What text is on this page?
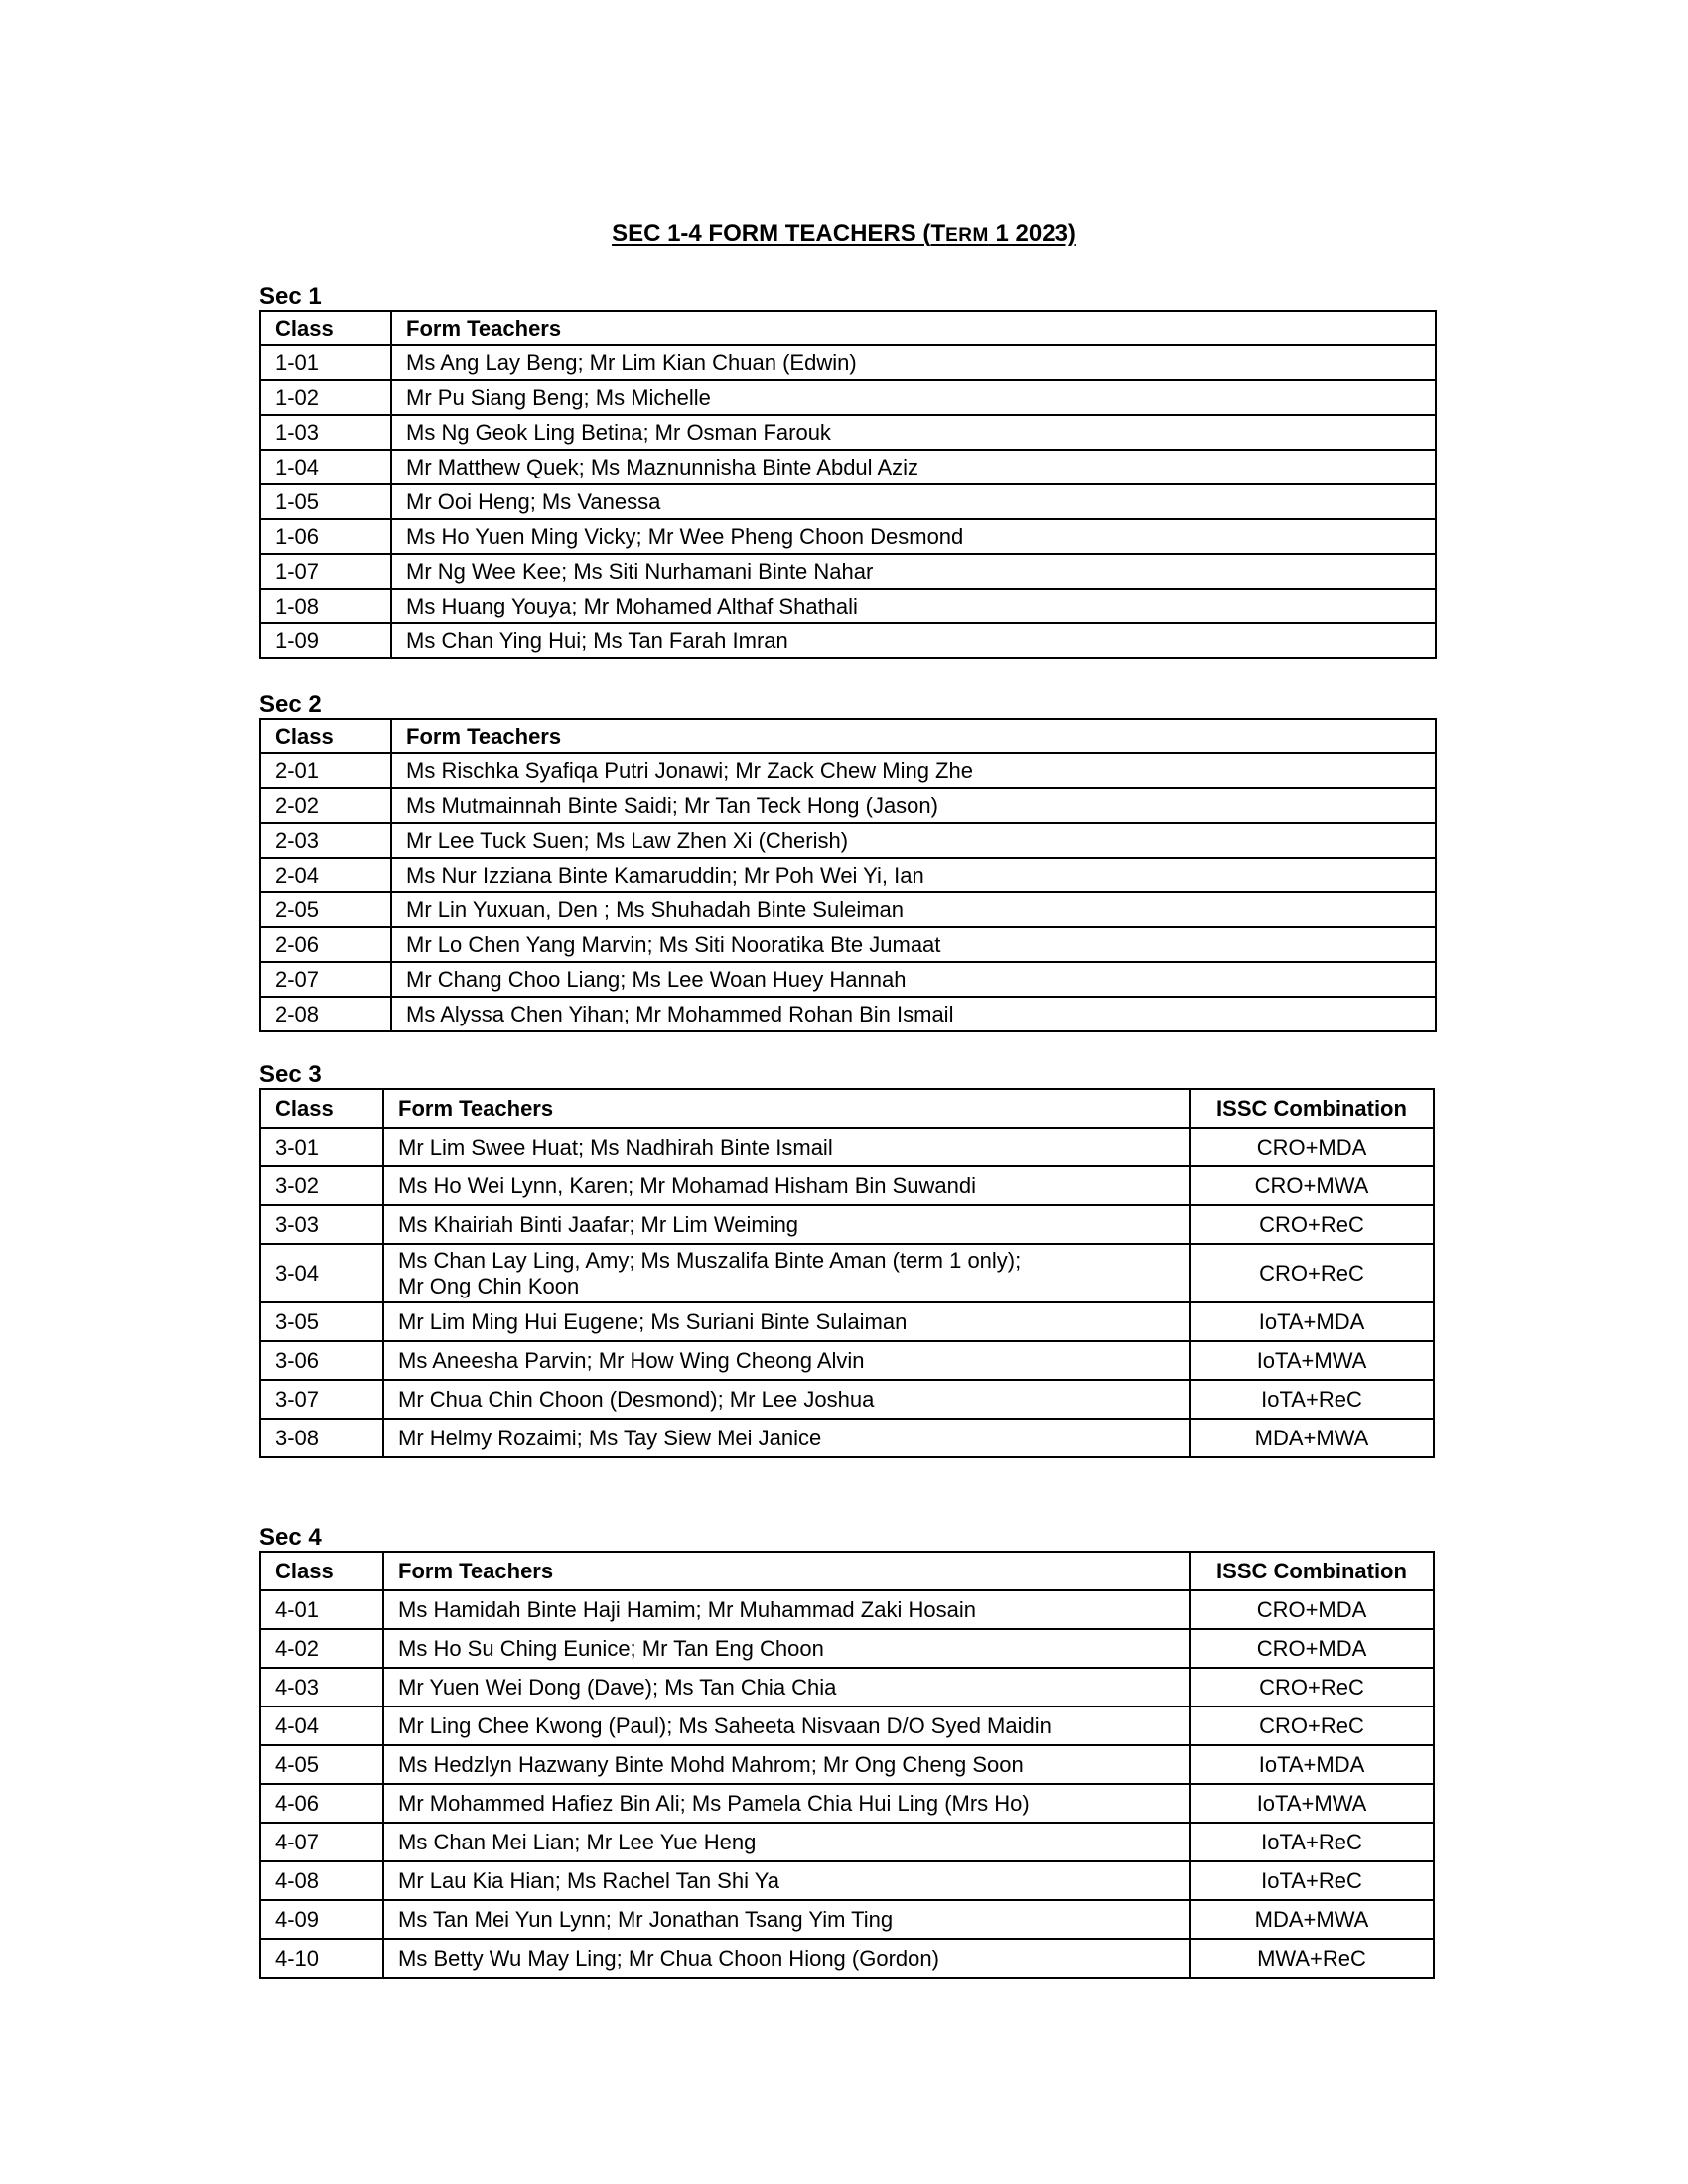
SEC 1-4 FORM TEACHERS (TERM 1 2023)
Sec 1
Class	Form Teachers
1-01	Ms Ang Lay Beng; Mr Lim Kian Chuan (Edwin)
1-02	Mr Pu Siang Beng; Ms Michelle
1-03	Ms Ng Geok Ling Betina; Mr Osman Farouk
1-04	Mr Matthew Quek; Ms Maznunnisha Binte Abdul Aziz
1-05	Mr Ooi Heng; Ms Vanessa
1-06	Ms Ho Yuen Ming Vicky; Mr Wee Pheng Choon Desmond
1-07	Mr Ng Wee Kee; Ms Siti Nurhamani Binte Nahar
1-08	Ms Huang Youya; Mr Mohamed Althaf Shathali
1-09	Ms Chan Ying Hui; Ms Tan Farah Imran
Sec 2
Class	Form Teachers
2-01	Ms Rischka Syafiqa Putri Jonawi; Mr Zack Chew Ming Zhe
2-02	Ms Mutmainnah Binte Saidi; Mr Tan Teck Hong (Jason)
2-03	Mr Lee Tuck Suen; Ms Law Zhen Xi (Cherish)
2-04	Ms Nur Izziana Binte Kamaruddin; Mr Poh Wei Yi, Ian
2-05	Mr Lin Yuxuan, Den ; Ms Shuhadah Binte Suleiman
2-06	Mr Lo Chen Yang Marvin; Ms Siti Nooratika Bte Jumaat
2-07	Mr Chang Choo Liang; Ms Lee Woan Huey Hannah
2-08	Ms Alyssa Chen Yihan; Mr Mohammed Rohan Bin Ismail
Sec 3
Class	Form Teachers	ISSC Combination
3-01	Mr Lim Swee Huat; Ms Nadhirah Binte Ismail	CRO+MDA
3-02	Ms Ho Wei Lynn, Karen; Mr Mohamad Hisham Bin Suwandi	CRO+MWA
3-03	Ms Khairiah Binti Jaafar; Mr Lim Weiming	CRO+ReC
3-04	Ms Chan Lay Ling, Amy; Ms Muszalifa Binte Aman (term 1 only);
Mr Ong Chin Koon	CRO+ReC
3-05	Mr Lim Ming Hui Eugene; Ms Suriani Binte Sulaiman	IoTA+MDA
3-06	Ms Aneesha Parvin; Mr How Wing Cheong Alvin	IoTA+MWA
3-07	Mr Chua Chin Choon (Desmond); Mr Lee Joshua	IoTA+ReC
3-08	Mr Helmy Rozaimi; Ms Tay Siew Mei Janice	MDA+MWA
Sec 4
Class	Form Teachers	ISSC Combination
4-01	Ms Hamidah Binte Haji Hamim; Mr Muhammad Zaki Hosain	CRO+MDA
4-02	Ms Ho Su Ching Eunice; Mr Tan Eng Choon	CRO+MDA
4-03	Mr Yuen Wei Dong (Dave); Ms Tan Chia Chia	CRO+ReC
4-04	Mr Ling Chee Kwong (Paul); Ms Saheeta Nisvaan D/O Syed Maidin	CRO+ReC
4-05	Ms Hedzlyn Hazwany Binte Mohd Mahrom; Mr Ong Cheng Soon	IoTA+MDA
4-06	Mr Mohammed Hafiez Bin Ali; Ms Pamela Chia Hui Ling (Mrs Ho)	IoTA+MWA
4-07	Ms Chan Mei Lian; Mr Lee Yue Heng	IoTA+ReC
4-08	Mr Lau Kia Hian; Ms Rachel Tan Shi Ya	IoTA+ReC
4-09	Ms Tan Mei Yun Lynn; Mr Jonathan Tsang Yim Ting	MDA+MWA
4-10	Ms Betty Wu May Ling; Mr Chua Choon Hiong (Gordon)	MWA+ReC
